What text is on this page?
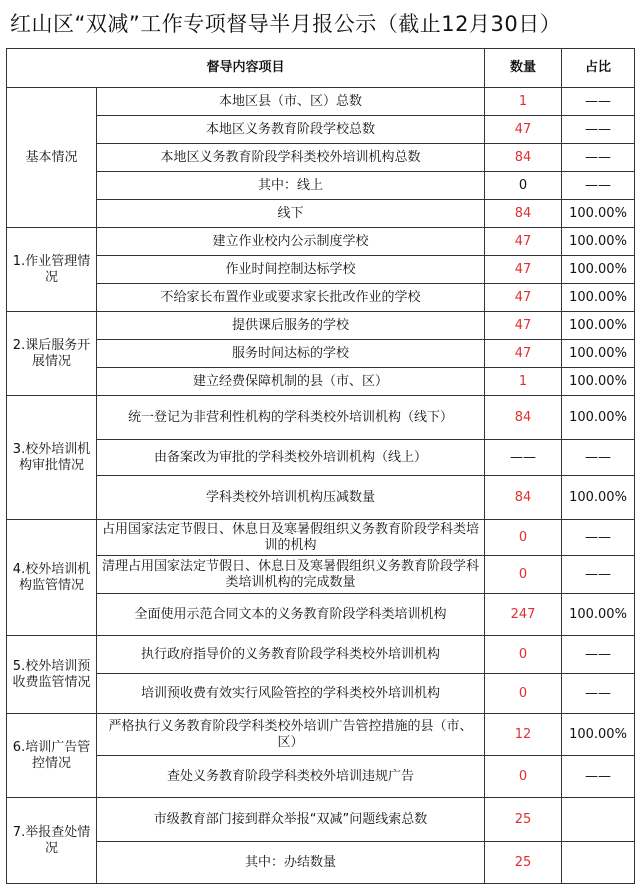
红山区“双减”工作专项督导半月报公示（截止12月30日）
督导内容项目		数量	占比
基本情况	本地区县（市、区）总数	1	——
	本地区义务教育阶段学校总数	47	——
	本地区义务教育阶段学科类校外培训机构总数	84	——
	其中：线上	0	——
	线下	84	100.00%
1.作业管理情况	建立作业校内公示制度学校	47	100.00%
	作业时间控制达标学校	47	100.00%
	不给家长布置作业或要求家长批改作业的学校	47	100.00%
2.课后服务开展情况	提供课后服务的学校	47	100.00%
	服务时间达标的学校	47	100.00%
	建立经费保障机制的县（市、区）	1	100.00%
3.校外培训机构审批情况	统一登记为非营利性机构的学科类校外培训机构（线下）	84	100.00%
	由备案改为审批的学科类校外培训机构（线上）	——	——
	学科类校外培训机构压减数量	84	100.00%
4.校外培训机构监管情况	占用国家法定节假日、休息日及寒暑假组织义务教育阶段学科类培训的机构	0	——
	清理占用国家法定节假日、休息日及寒暑假组织义务教育阶段学科类培训机构的完成数量	0	——
	全面使用示范合同文本的义务教育阶段学科类培训机构	247	100.00%
5.校外培训预收费监管情况	执行政府指导价的义务教育阶段学科类校外培训机构	0	——
	培训预收费有效实行风险管控的学科类校外培训机构	0	——
6.培训广告管控情况	严格执行义务教育阶段学科类校外培训广告管控措施的县（市、区）	12	100.00%
	查处义务教育阶段学科类校外培训违规广告	0	——
7.举报查处情况	市级教育部门接到群众举报“双减”问题线索总数	25	
	其中：办结数量	25	
